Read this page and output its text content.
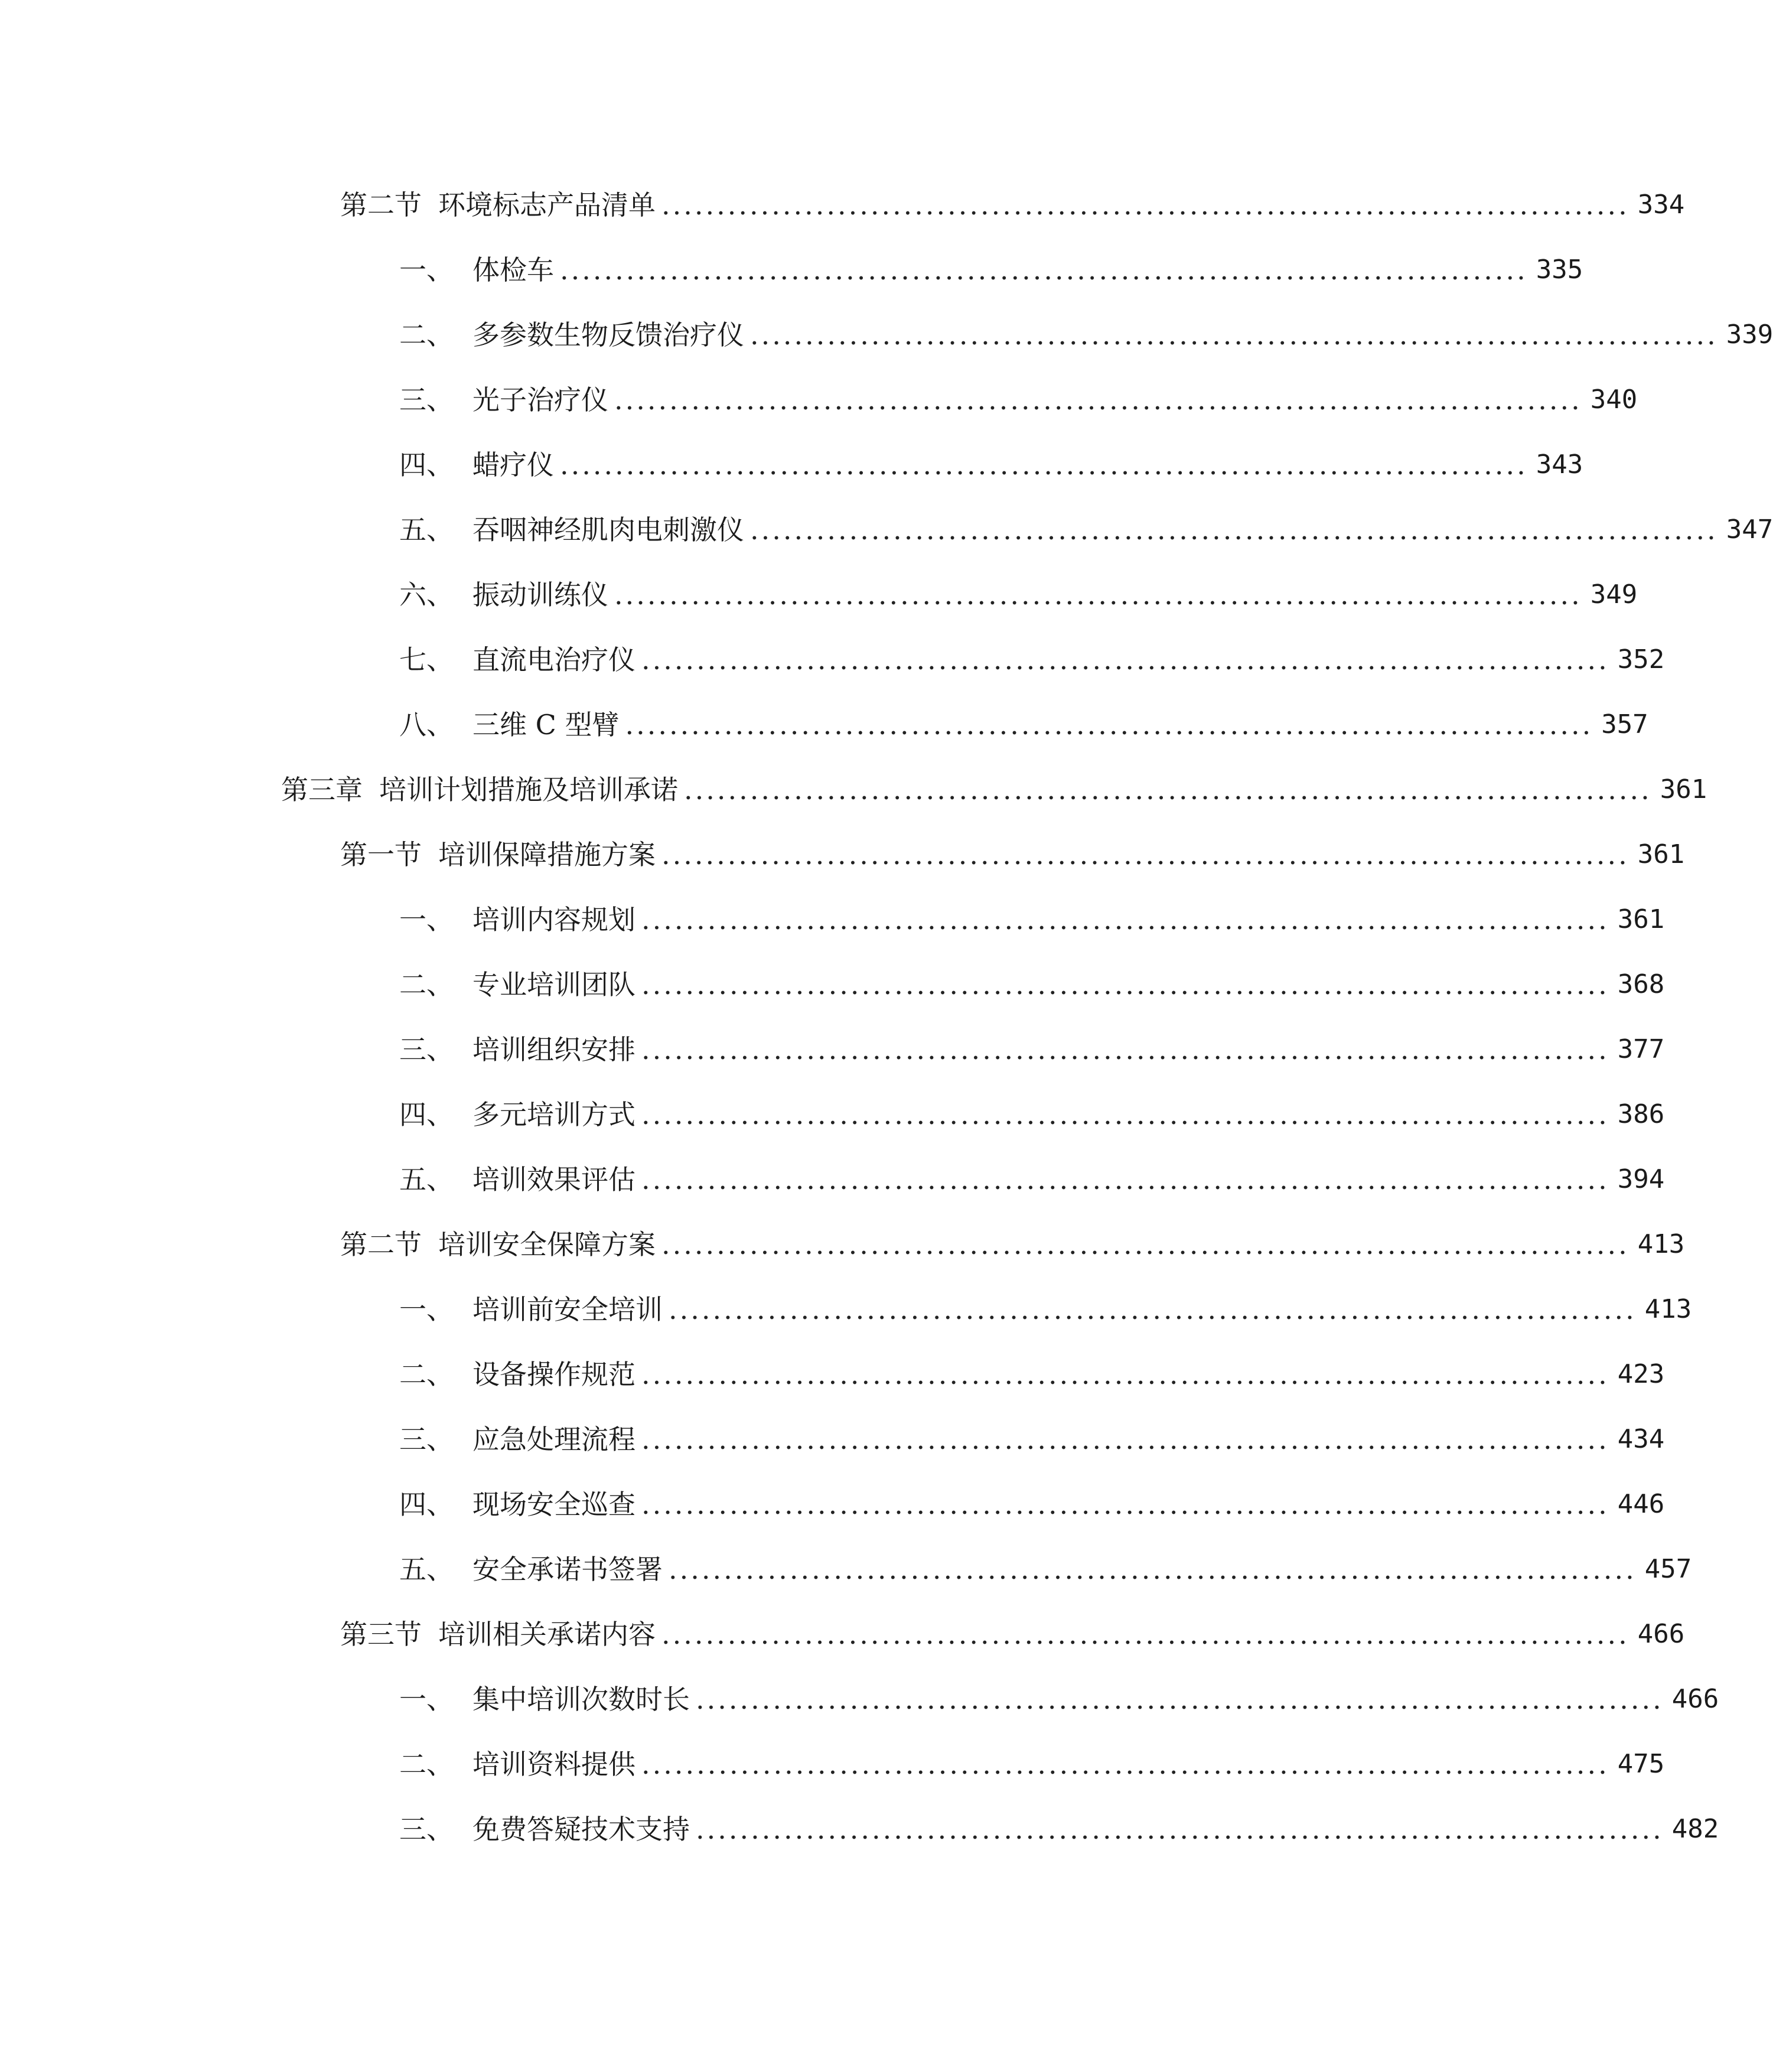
第二节 环境标志产品清单 ........................................................................................ 334
一、 体检车 ........................................................................................ 335
二、 多参数生物反馈治疗仪 ........................................................................................ 339
三、 光子治疗仪 ........................................................................................ 340
四、 蜡疗仪 ........................................................................................ 343
五、 吞咽神经肌肉电刺激仪 ........................................................................................ 347
六、 振动训练仪 ........................................................................................ 349
七、 直流电治疗仪 ........................................................................................ 352
八、 三维 C 型臂 ........................................................................................ 357
第三章 培训计划措施及培训承诺 ........................................................................................ 361
第一节 培训保障措施方案 ........................................................................................ 361
一、 培训内容规划 ........................................................................................ 361
二、 专业培训团队 ........................................................................................ 368
三、 培训组织安排 ........................................................................................ 377
四、 多元培训方式 ........................................................................................ 386
五、 培训效果评估 ........................................................................................ 394
第二节 培训安全保障方案 ........................................................................................ 413
一、 培训前安全培训 ........................................................................................ 413
二、 设备操作规范 ........................................................................................ 423
三、 应急处理流程 ........................................................................................ 434
四、 现场安全巡查 ........................................................................................ 446
五、 安全承诺书签署 ........................................................................................ 457
第三节 培训相关承诺内容 ........................................................................................ 466
一、 集中培训次数时长 ........................................................................................ 466
二、 培训资料提供 ........................................................................................ 475
三、 免费答疑技术支持 ........................................................................................ 482
